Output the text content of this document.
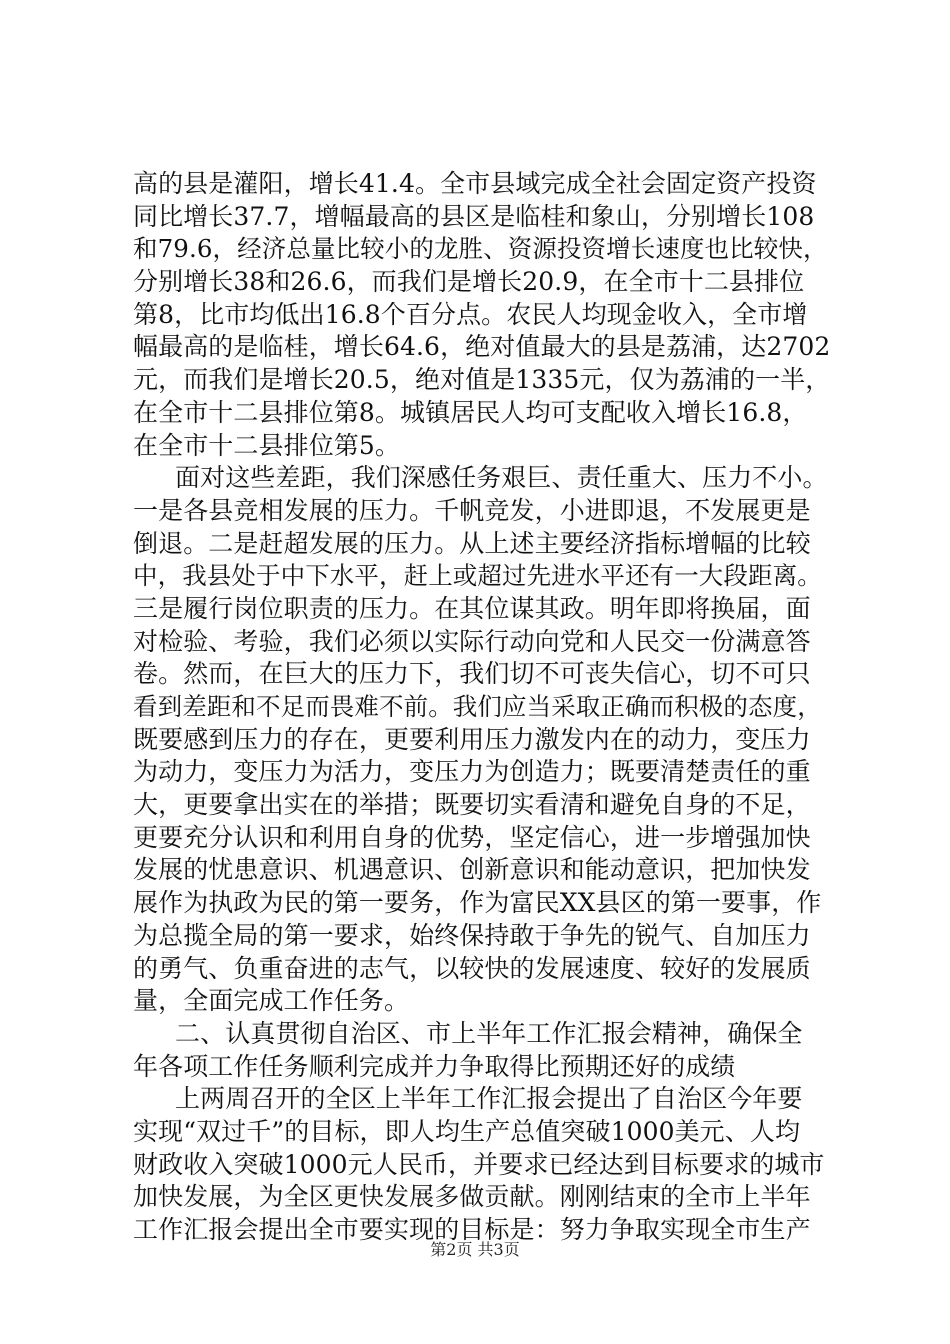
高的县是灌阳，增长41.4。全市县域完成全社会固定资产投资
同比增长37.7，增幅最高的县区是临桂和象山，分别增长108
和79.6，经济总量比较小的龙胜、资源投资增长速度也比较快，
分别增长38和26.6，而我们是增长20.9，在全市十二县排位
第8，比市均低出16.8个百分点。农民人均现金收入，全市增
幅最高的是临桂，增长64.6，绝对值最大的县是荔浦，达2702
元，而我们是增长20.5，绝对值是1335元，仅为荔浦的一半，
在全市十二县排位第8。城镇居民人均可支配收入增长16.8，
在全市十二县排位第5。
面对这些差距，我们深感任务艰巨、责任重大、压力不小。
一是各县竞相发展的压力。千帆竞发，小进即退，不发展更是
倒退。二是赶超发展的压力。从上述主要经济指标增幅的比较
中，我县处于中下水平，赶上或超过先进水平还有一大段距离。
三是履行岗位职责的压力。在其位谋其政。明年即将换届，面
对检验、考验，我们必须以实际行动向党和人民交一份满意答
卷。然而，在巨大的压力下，我们切不可丧失信心，切不可只
看到差距和不足而畏难不前。我们应当采取正确而积极的态度，
既要感到压力的存在，更要利用压力激发内在的动力，变压力
为动力，变压力为活力，变压力为创造力；既要清楚责任的重
大，更要拿出实在的举措；既要切实看清和避免自身的不足，
更要充分认识和利用自身的优势，坚定信心，进一步增强加快
发展的忧患意识、机遇意识、创新意识和能动意识，把加快发
展作为执政为民的第一要务，作为富民XX县区的第一要事，作
为总揽全局的第一要求，始终保持敢于争先的锐气、自加压力
的勇气、负重奋进的志气，以较快的发展速度、较好的发展质
量，全面完成工作任务。
二、认真贯彻自治区、市上半年工作汇报会精神，确保全
年各项工作任务顺利完成并力争取得比预期还好的成绩
上两周召开的全区上半年工作汇报会提出了自治区今年要
实现“双过千”的目标，即人均生产总值突破1000美元、人均
财政收入突破1000元人民币，并要求已经达到目标要求的城市
加快发展，为全区更快发展多做贡献。刚刚结束的全市上半年
工作汇报会提出全市要实现的目标是：努力争取实现全市生产
第2页 共3页
